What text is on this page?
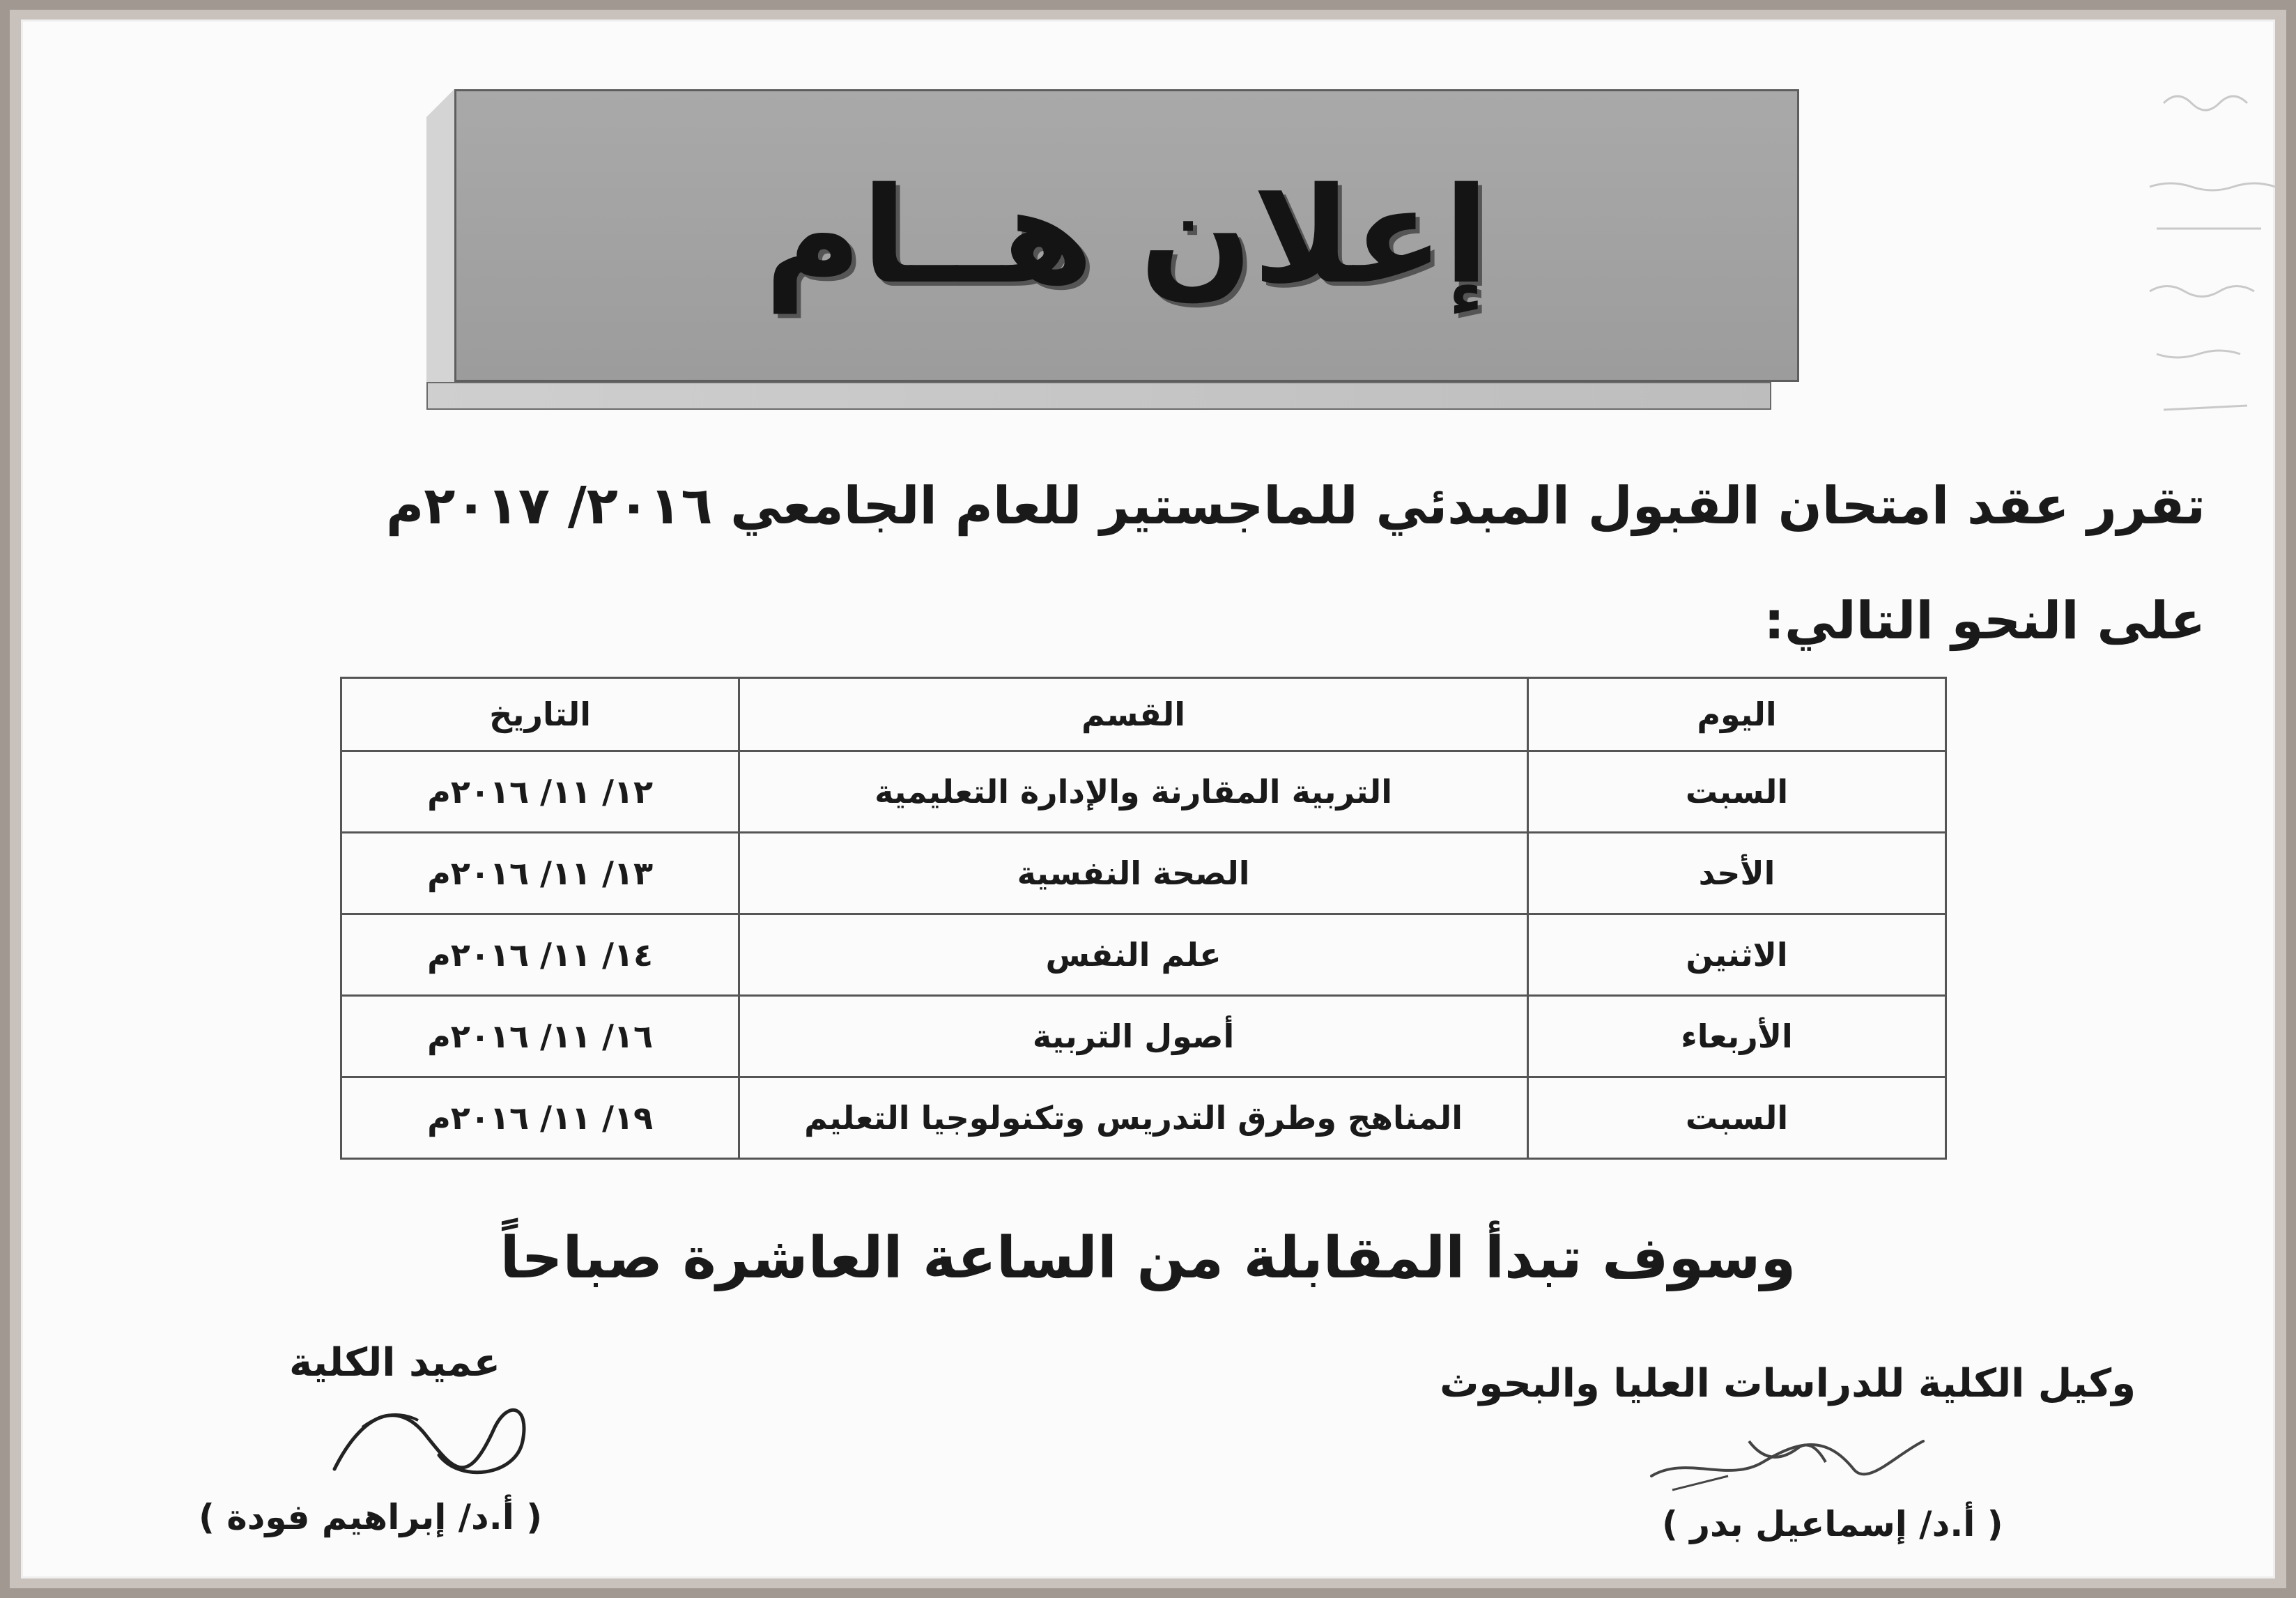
إعلان هــام
تقرر عقد امتحان القبول المبدئي للماجستير للعام الجامعي ٢٠١٦/ ٢٠١٧م
على النحو التالي:
اليوم	القسم	التاريخ
السبت	التربية المقارنة والإدارة التعليمية	١٢/ ١١/ ٢٠١٦م
الأحد	الصحة النفسية	١٣/ ١١/ ٢٠١٦م
الاثنين	علم النفس	١٤/ ١١/ ٢٠١٦م
الأربعاء	أصول التربية	١٦/ ١١/ ٢٠١٦م
السبت	المناهج وطرق التدريس وتكنولوجيا التعليم	١٩/ ١١/ ٢٠١٦م
وسوف تبدأ المقابلة من الساعة العاشرة صباحاً
عميد الكلية
( أ.د/ إبراهيم فودة )
وكيل الكلية للدراسات العليا والبحوث
( أ.د/ إسماعيل بدر )
